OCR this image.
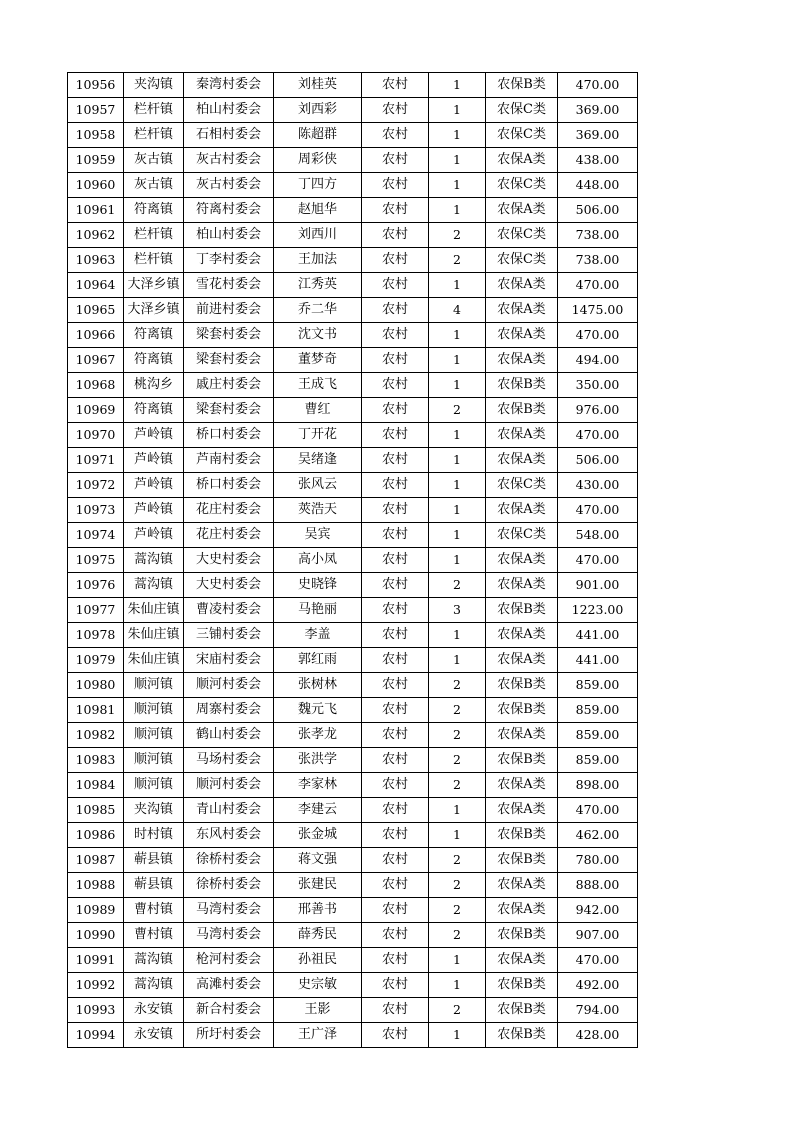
10956	夹沟镇	秦湾村委会	刘桂英	农村	1	农保B类	470.00
10957	栏杆镇	柏山村委会	刘西彩	农村	1	农保C类	369.00
10958	栏杆镇	石相村委会	陈超群	农村	1	农保C类	369.00
10959	灰古镇	灰古村委会	周彩侠	农村	1	农保A类	438.00
10960	灰古镇	灰古村委会	丁四方	农村	1	农保C类	448.00
10961	符离镇	符离村委会	赵旭华	农村	1	农保A类	506.00
10962	栏杆镇	柏山村委会	刘西川	农村	2	农保C类	738.00
10963	栏杆镇	丁李村委会	王加法	农村	2	农保C类	738.00
10964	大泽乡镇	雪花村委会	江秀英	农村	1	农保A类	470.00
10965	大泽乡镇	前进村委会	乔二华	农村	4	农保A类	1475.00
10966	符离镇	梁套村委会	沈文书	农村	1	农保A类	470.00
10967	符离镇	梁套村委会	董梦奇	农村	1	农保A类	494.00
10968	桃沟乡	戚庄村委会	王成飞	农村	1	农保B类	350.00
10969	符离镇	梁套村委会	曹红	农村	2	农保B类	976.00
10970	芦岭镇	桥口村委会	丁开花	农村	1	农保A类	470.00
10971	芦岭镇	芦南村委会	吴绪逢	农村	1	农保A类	506.00
10972	芦岭镇	桥口村委会	张风云	农村	1	农保C类	430.00
10973	芦岭镇	花庄村委会	莢浩天	农村	1	农保A类	470.00
10974	芦岭镇	花庄村委会	吴宾	农村	1	农保C类	548.00
10975	蒿沟镇	大史村委会	高小凤	农村	1	农保A类	470.00
10976	蒿沟镇	大史村委会	史晓锋	农村	2	农保A类	901.00
10977	朱仙庄镇	曹凌村委会	马艳丽	农村	3	农保B类	1223.00
10978	朱仙庄镇	三铺村委会	李盖	农村	1	农保A类	441.00
10979	朱仙庄镇	宋庙村委会	郭红雨	农村	1	农保A类	441.00
10980	顺河镇	顺河村委会	张树林	农村	2	农保B类	859.00
10981	顺河镇	周寨村委会	魏元飞	农村	2	农保B类	859.00
10982	顺河镇	鹤山村委会	张孝龙	农村	2	农保A类	859.00
10983	顺河镇	马场村委会	张洪学	农村	2	农保B类	859.00
10984	顺河镇	顺河村委会	李家林	农村	2	农保A类	898.00
10985	夹沟镇	青山村委会	李建云	农村	1	农保A类	470.00
10986	时村镇	东风村委会	张金城	农村	1	农保B类	462.00
10987	蕲县镇	徐桥村委会	蒋文强	农村	2	农保B类	780.00
10988	蕲县镇	徐桥村委会	张建民	农村	2	农保A类	888.00
10989	曹村镇	马湾村委会	邢善书	农村	2	农保A类	942.00
10990	曹村镇	马湾村委会	薛秀民	农村	2	农保B类	907.00
10991	蒿沟镇	枪河村委会	孙祖民	农村	1	农保A类	470.00
10992	蒿沟镇	高滩村委会	史宗敏	农村	1	农保B类	492.00
10993	永安镇	新合村委会	王影	农村	2	农保B类	794.00
10994	永安镇	所圩村委会	王广泽	农村	1	农保B类	428.00
